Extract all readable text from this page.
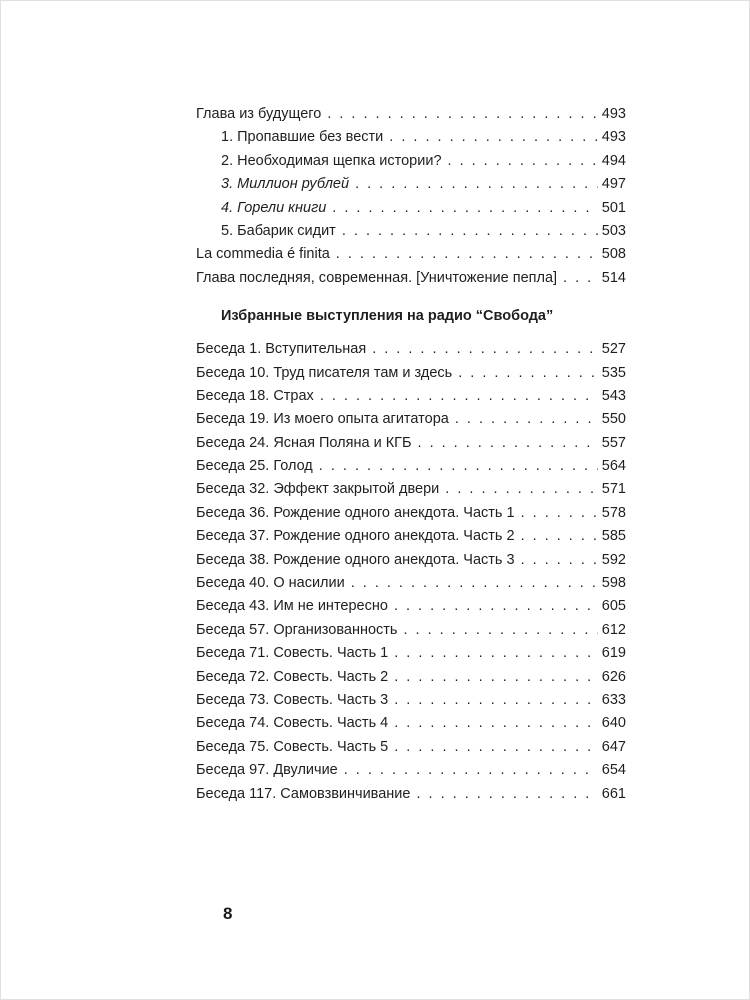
Глава из будущего . . .	493
1. Пропавшие без вести . . .	493
2. Необходимая щепка истории? . . .	494
3. Миллион рублей . . .	497
4. Горели книги . . .	501
5. Бабарик сидит . . .	503
La commedia é finita . . .	508
Глава последняя, современная. [Уничтожение пепла] . . .	514
Избранные выступления на радио “Свобода”
Беседа 1. Вступительная . . .	527
Беседа 10. Труд писателя там и здесь . . .	535
Беседа 18. Страх . . .	543
Беседа 19. Из моего опыта агитатора . . .	550
Беседа 24. Ясная Поляна и КГБ . . .	557
Беседа 25. Голод . . .	564
Беседа 32. Эффект закрытой двери . . .	571
Беседа 36. Рождение одного анекдота. Часть 1 . . .	578
Беседа 37. Рождение одного анекдота. Часть 2 . . .	585
Беседа 38. Рождение одного анекдота. Часть 3 . . .	592
Беседа 40. О насилии . . .	598
Беседа 43. Им не интересно . . .	605
Беседа 57. Организованность . . .	612
Беседа 71. Совесть. Часть 1 . . .	619
Беседа 72. Совесть. Часть 2 . . .	626
Беседа 73. Совесть. Часть 3 . . .	633
Беседа 74. Совесть. Часть 4 . . .	640
Беседа 75. Совесть. Часть 5 . . .	647
Беседа 97. Двуличие . . .	654
Беседа 117. Самовзвинчивание . . .	661
8
